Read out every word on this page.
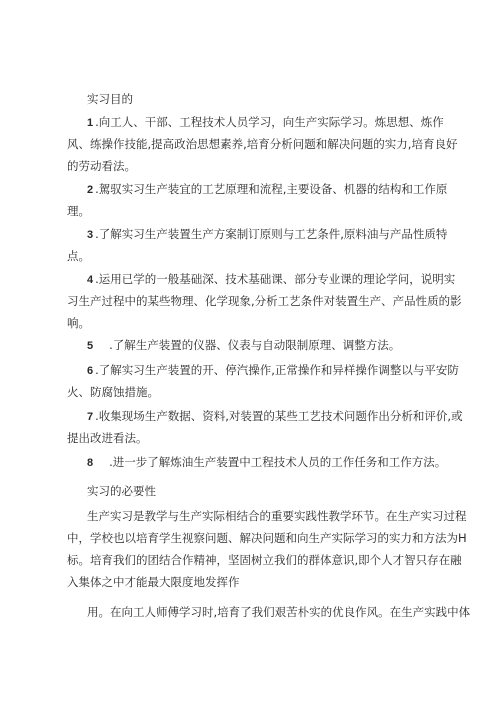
实习目的

1 .向工人、干部、工程技术人员学习，向生产实际学习。炼思想、炼作
风、练操作技能,提高政治思想素养,培育分析问题和解决问题的实力,培育良好
的劳动看法。
2 .駕驭实习生产装宜的工艺原理和流程,主要设备、机器的结构和工作原
理。
3 .了解实习生产装置生产方案制订原则与工艺条件,原料油与产品性质特
点。
4 .运用已学的一般基础深、技术基础课、部分专业课的理论学问，说明实
习生产过程中的某些物理、化学现象,分析工艺条件对装置生产、产品性质的影
响。
5 .了解生产装置的仪器、仪表与自动限制原理、调整方法。
6 .了解实习生产装置的开、停汽操作,正常操作和异样操作调整以与平安防
火、防腐蚀措施。
7 .收集现场生产数据、资料,对装置的某些工艺技术问题作出分析和评价,或
提出改进看法。
8 .进一步了解炼油生产装置中工程技术人员的工作任务和工作方法。

实习的必要性

生产实习是教学与生产实际相结合的重要实践性教学环节。在生产实习过程
中，学校也以培育学生视察问题、解决问题和向生产实际学习的实力和方法为H
标。培育我们的团结合作精神，坚固树立我们的群体意识,即个人才智只存在融
入集体之中才能最大限度地发挥作
用。在向工人师傅学习时,培育了我们艰苦朴实的优良作风。在生产实践中体
